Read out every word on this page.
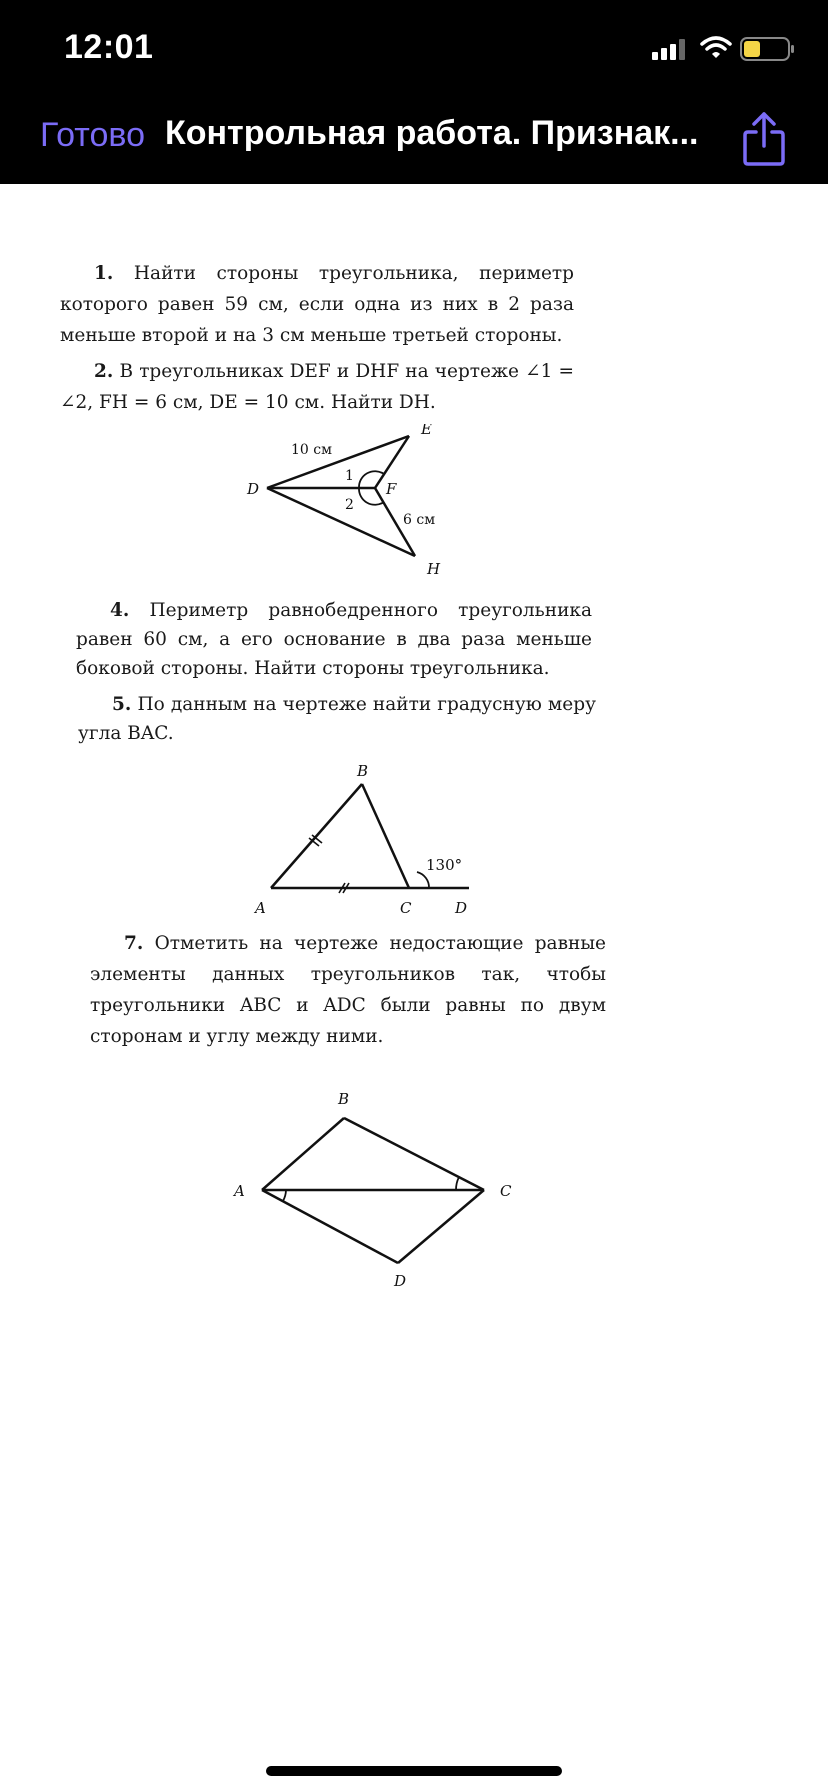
12:01
Готово Контрольная работа. Признак...

1. Найти стороны треугольника, периметр которого равен 59 см, если одна из них в 2 раза меньше второй и на 3 см меньше третьей стороны.

2. В треугольниках DEF и DHF на чертеже ∠1 = ∠2, FH = 6 см, DE = 10 см. Найти DH.

D
E
F
H
10 см
6 см
1
2

4. Периметр равнобедренного треугольника равен 60 см, а его основание в два раза меньше боковой стороны. Найти стороны треугольника.

5. По данным на чертеже найти градусную меру угла BAC.

A
B
C	D
130°

7. Отметить на чертеже недостающие равные элементы данных треугольников так, чтобы треугольники ABC и ADC были равны по двум сторонам и углу между ними.

A
B
C
D
